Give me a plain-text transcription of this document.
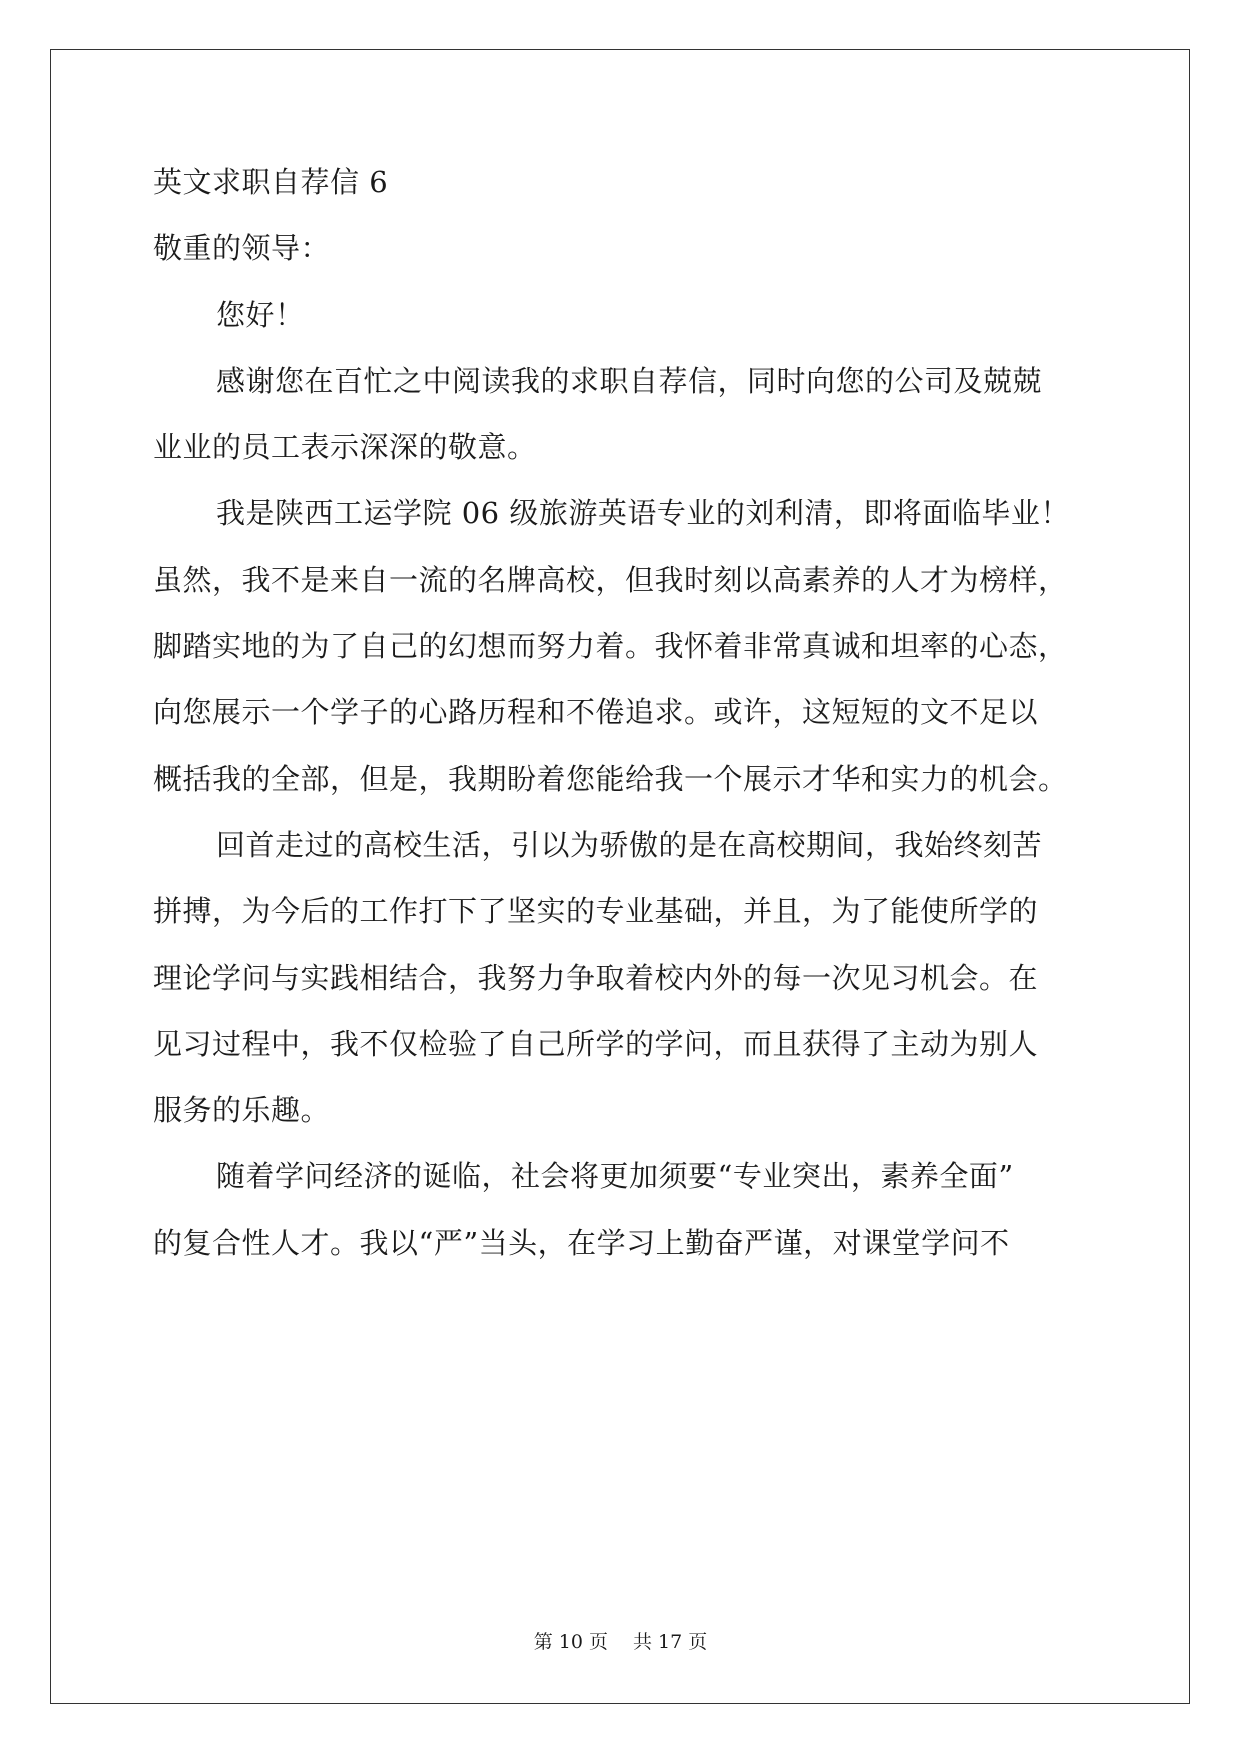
英文求职自荐信 6
敬重的领导：
您好！
感谢您在百忙之中阅读我的求职自荐信，同时向您的公司及兢兢
业业的员工表示深深的敬意。
我是陕西工运学院 06 级旅游英语专业的刘利清，即将面临毕业！
虽然，我不是来自一流的名牌高校，但我时刻以高素养的人才为榜样，
脚踏实地的为了自己的幻想而努力着。我怀着非常真诚和坦率的心态，
向您展示一个学子的心路历程和不倦追求。或许，这短短的文不足以
概括我的全部，但是，我期盼着您能给我一个展示才华和实力的机会。
回首走过的高校生活，引以为骄傲的是在高校期间，我始终刻苦
拼搏，为今后的工作打下了坚实的专业基础，并且，为了能使所学的
理论学问与实践相结合，我努力争取着校内外的每一次见习机会。在
见习过程中，我不仅检验了自己所学的学问，而且获得了主动为别人
服务的乐趣。
随着学问经济的诞临，社会将更加须要“专业突出，素养全面”
的复合性人才。我以“严”当头，在学习上勤奋严谨，对课堂学问不
第 10 页　 共 17 页
